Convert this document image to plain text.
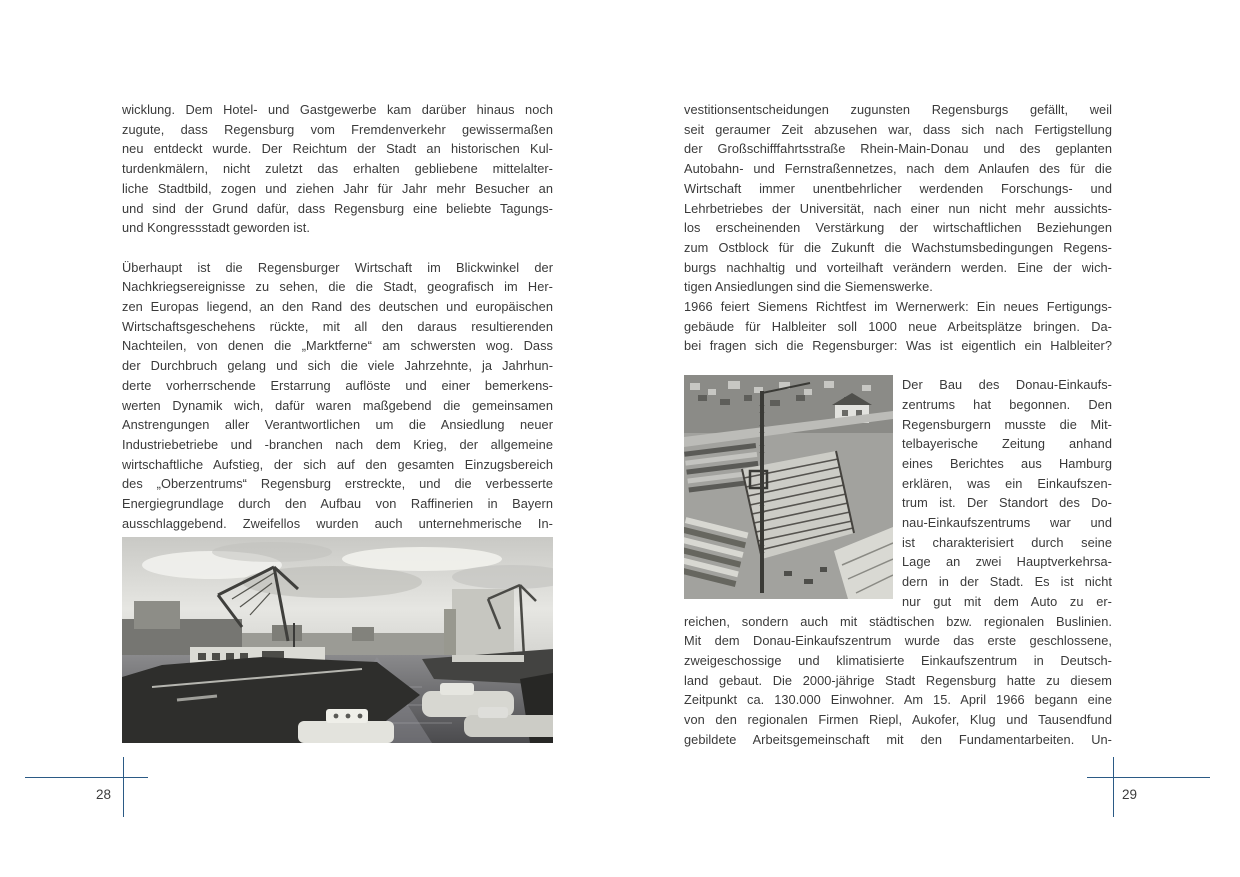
wicklung. Dem Hotel- und Gastgewerbe kam darüber hinaus noch
zugute, dass Regensburg vom Fremdenverkehr gewissermaßen
neu entdeckt wurde. Der Reichtum der Stadt an historischen Kul-
turdenkmälern, nicht zuletzt das erhalten gebliebene mittelalter-
liche Stadtbild, zogen und ziehen Jahr für Jahr mehr Besucher an
und sind der Grund dafür, dass Regensburg eine beliebte Tagungs-
und Kongressstadt geworden ist.

Überhaupt ist die Regensburger Wirtschaft im Blickwinkel der
Nachkriegsereignisse zu sehen, die die Stadt, geografisch im Her-
zen Europas liegend, an den Rand des deutschen und europäischen
Wirtschaftsgeschehens rückte, mit all den daraus resultierenden
Nachteilen, von denen die „Marktferne“ am schwersten wog. Dass
der Durchbruch gelang und sich die viele Jahrzehnte, ja Jahrhun-
derte vorherrschende Erstarrung auflöste und einer bemerkens-
werten Dynamik wich, dafür waren maßgebend die gemeinsamen
Anstrengungen aller Verantwortlichen um die Ansiedlung neuer
Industriebetriebe und -branchen nach dem Krieg, der allgemeine
wirtschaftliche Aufstieg, der sich auf den gesamten Einzugsbereich
des „Oberzentrums“ Regensburg erstreckte, und die verbesserte
Energiegrundlage durch den Aufbau von Raffinerien in Bayern
ausschlaggebend. Zweifellos wurden auch unternehmerische In-

vestitionsentscheidungen zugunsten Regensburgs gefällt, weil
seit geraumer Zeit abzusehen war, dass sich nach Fertigstellung
der Großschifffahrtsstraße Rhein-Main-Donau und des geplanten
Autobahn- und Fernstraßennetzes, nach dem Anlaufen des für die
Wirtschaft immer unentbehrlicher werdenden Forschungs- und
Lehrbetriebes der Universität, nach einer nun nicht mehr aussichts-
los erscheinenden Verstärkung der wirtschaftlichen Beziehungen
zum Ostblock für die Zukunft die Wachstumsbedingungen Regens-
burgs nachhaltig und vorteilhaft verändern werden. Eine der wich-
tigen Ansiedlungen sind die Siemenswerke.
1966 feiert Siemens Richtfest im Wernerwerk: Ein neues Fertigungs-
gebäude für Halbleiter soll 1000 neue Arbeitsplätze bringen. Da-
bei fragen sich die Regensburger: Was ist eigentlich ein Halbleiter?

Der Bau des Donau-Einkaufs-
zentrums hat begonnen. Den
Regensburgern musste die Mit-
telbayerische Zeitung anhand
eines Berichtes aus Hamburg
erklären, was ein Einkaufszen-
trum ist. Der Standort des Do-
nau-Einkaufszentrums war und
ist charakterisiert durch seine
Lage an zwei Hauptverkehrsa-
dern in der Stadt. Es ist nicht
nur gut mit dem Auto zu er-
reichen, sondern auch mit städtischen bzw. regionalen Buslinien.
Mit dem Donau-Einkaufszentrum wurde das erste geschlossene,
zweigeschossige und klimatisierte Einkaufszentrum in Deutsch-
land gebaut. Die 2000-jährige Stadt Regensburg hatte zu diesem
Zeitpunkt ca. 130.000 Einwohner. Am 15. April 1966 begann eine
von den regionalen Firmen Riepl, Aukofer, Klug und Tausendfund
gebildete Arbeitsgemeinschaft mit den Fundamentarbeiten. Un-

28	29
